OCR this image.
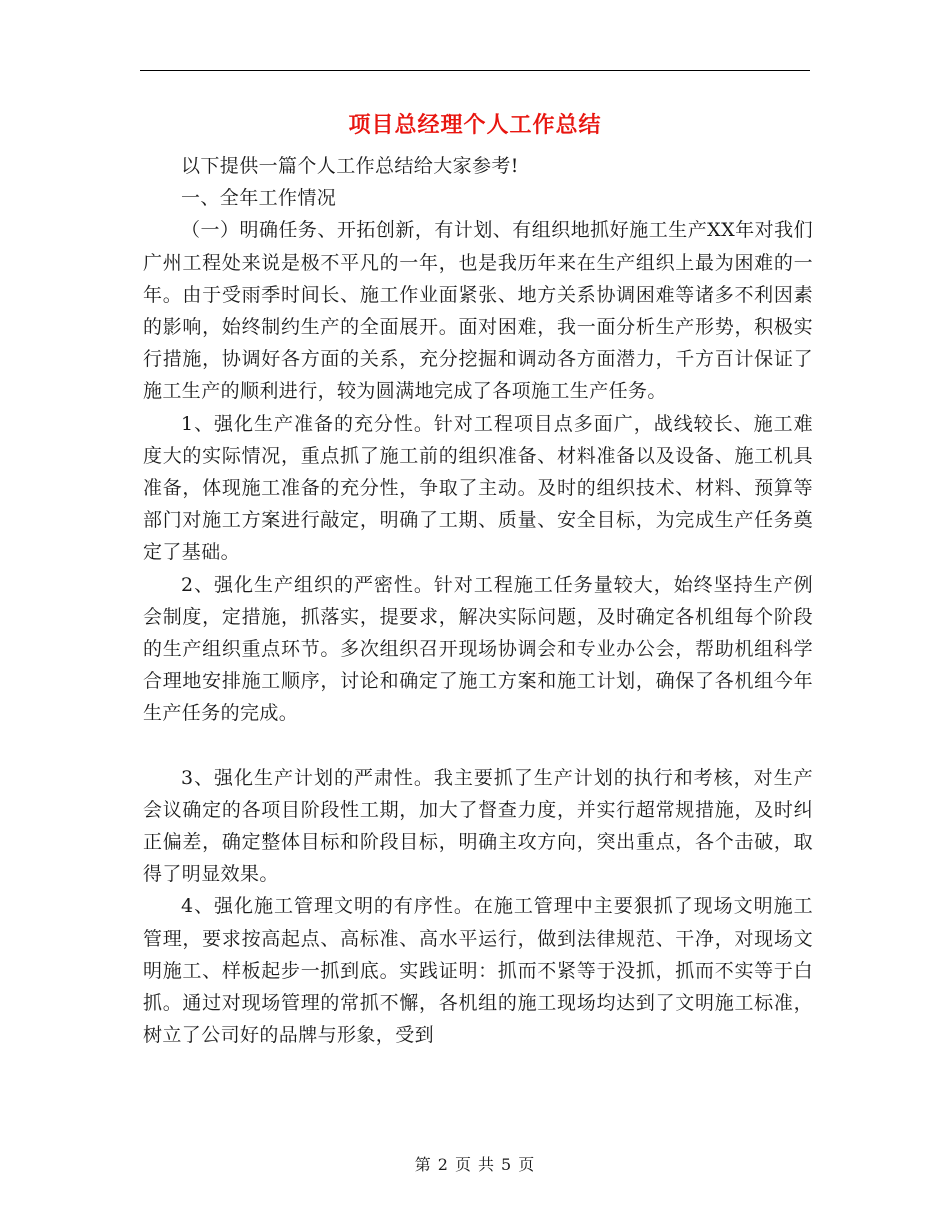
项目总经理个人工作总结

以下提供一篇个人工作总结给大家参考!

一、全年工作情况

（一）明确任务、开拓创新，有计划、有组织地抓好施工生产XX年对我们广州工程处来说是极不平凡的一年，也是我历年来在生产组织上最为困难的一年。由于受雨季时间长、施工作业面紧张、地方关系协调困难等诸多不利因素的影响，始终制约生产的全面展开。面对困难，我一面分析生产形势，积极实行措施，协调好各方面的关系，充分挖掘和调动各方面潜力，千方百计保证了施工生产的顺利进行，较为圆满地完成了各项施工生产任务。

1、强化生产准备的充分性。针对工程项目点多面广，战线较长、施工难度大的实际情况，重点抓了施工前的组织准备、材料准备以及设备、施工机具准备，体现施工准备的充分性，争取了主动。及时的组织技术、材料、预算等部门对施工方案进行敲定，明确了工期、质量、安全目标，为完成生产任务奠定了基础。

2、强化生产组织的严密性。针对工程施工任务量较大，始终坚持生产例会制度，定措施，抓落实，提要求，解决实际问题，及时确定各机组每个阶段的生产组织重点环节。多次组织召开现场协调会和专业办公会，帮助机组科学合理地安排施工顺序，讨论和确定了施工方案和施工计划，确保了各机组今年生产任务的完成。

3、强化生产计划的严肃性。我主要抓了生产计划的执行和考核，对生产会议确定的各项目阶段性工期，加大了督查力度，并实行超常规措施，及时纠正偏差，确定整体目标和阶段目标，明确主攻方向，突出重点，各个击破，取得了明显效果。

4、强化施工管理文明的有序性。在施工管理中主要狠抓了现场文明施工管理，要求按高起点、高标准、高水平运行，做到法律规范、干净，对现场文明施工、样板起步一抓到底。实践证明：抓而不紧等于没抓，抓而不实等于白抓。通过对现场管理的常抓不懈，各机组的施工现场均达到了文明施工标准，树立了公司好的品牌与形象，受到

第 2 页 共 5 页
